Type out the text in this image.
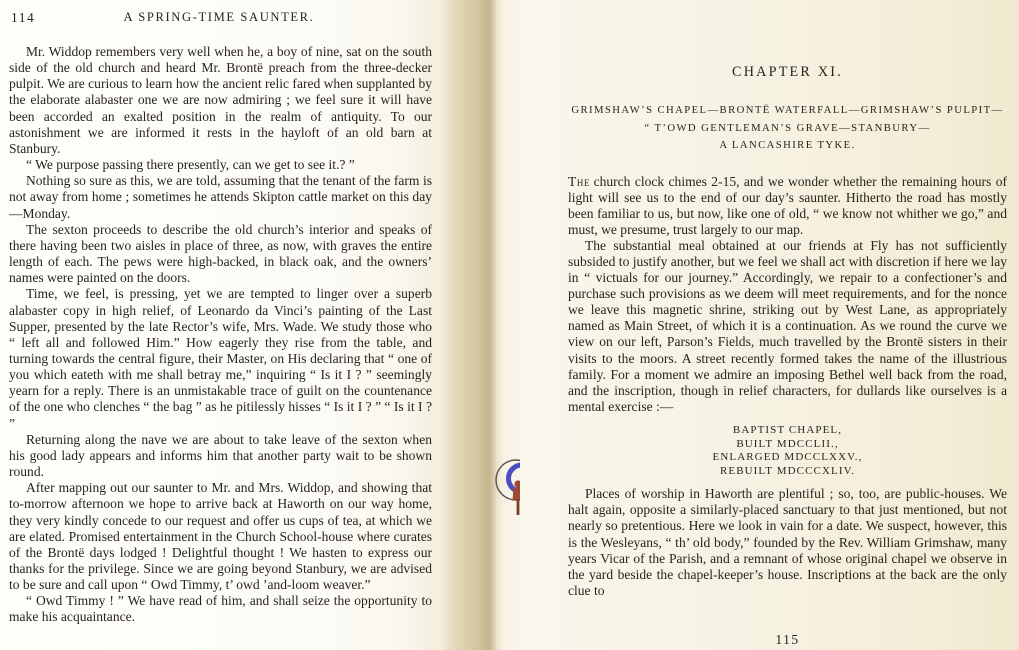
114	A SPRING-TIME SAUNTER.

Mr. Widdop remembers very well when he, a boy of nine, sat on the south side of the old church and heard Mr. Brontë preach from the three-decker pulpit. We are curious to learn how the ancient relic fared when supplanted by the elaborate alabaster one we are now admiring ; we feel sure it will have been accorded an exalted position in the realm of antiquity. To our astonishment we are informed it rests in the hayloft of an old barn at Stanbury.

“ We purpose passing there presently, can we get to see it.? ”

Nothing so sure as this, we are told, assuming that the tenant of the farm is not away from home ; sometimes he attends Skipton cattle market on this day—Monday.

The sexton proceeds to describe the old church’s interior and speaks of there having been two aisles in place of three, as now, with graves the entire length of each. The pews were high-backed, in black oak, and the owners’ names were painted on the doors.

Time, we feel, is pressing, yet we are tempted to linger over a superb alabaster copy in high relief, of Leonardo da Vinci’s painting of the Last Supper, presented by the late Rector’s wife, Mrs. Wade. We study those who “ left all and followed Him.” How eagerly they rise from the table, and turning towards the central figure, their Master, on His declaring that “ one of you which eateth with me shall betray me,” inquiring “ Is it I ? ” seemingly yearn for a reply. There is an unmistakable trace of guilt on the countenance of the one who clenches “ the bag ” as he pitilessly hisses “ Is it I ? ” “ Is it I ? ”

Returning along the nave we are about to take leave of the sexton when his good lady appears and informs him that another party wait to be shown round.

After mapping out our saunter to Mr. and Mrs. Widdop, and showing that to-morrow afternoon we hope to arrive back at Haworth on our way home, they very kindly concede to our request and offer us cups of tea, at which we are elated. Promised entertainment in the Church School-house where curates of the Brontë days lodged ! Delightful thought ! We hasten to express our thanks for the privilege. Since we are going beyond Stanbury, we are advised to be sure and call upon “ Owd Timmy, t’ owd ’and-loom weaver.”

“ Owd Timmy ! ” We have read of him, and shall seize the opportunity to make his acquaintance.

CHAPTER XI.
GRIMSHAW’S CHAPEL—BRONTË WATERFALL—GRIMSHAW’S PULPIT—
“ T’OWD GENTLEMAN’S GRAVE—STANBURY—
A LANCASHIRE TYKE.

The church clock chimes 2-15, and we wonder whether the remaining hours of light will see us to the end of our day’s saunter. Hitherto the road has mostly been familiar to us, but now, like one of old, “ we know not whither we go,” and must, we presume, trust largely to our map.

The substantial meal obtained at our friends at Fly has not sufficiently subsided to justify another, but we feel we shall act with discretion if here we lay in “ victuals for our journey.” Accordingly, we repair to a confectioner’s and purchase such provisions as we deem will meet requirements, and for the nonce we leave this magnetic shrine, striking out by West Lane, as appropriately named as Main Street, of which it is a continuation. As we round the curve we view on our left, Parson’s Fields, much travelled by the Brontë sisters in their visits to the moors. A street recently formed takes the name of the illustrious family. For a moment we admire an imposing Bethel well back from the road, and the inscription, though in relief characters, for dullards like ourselves is a mental exercise :—

BAPTIST CHAPEL,
BUILT MDCCLII.,
ENLARGED MDCCLXXV.,
REBUILT MDCCCXLIV.

Places of worship in Haworth are plentiful ; so, too, are public-houses. We halt again, opposite a similarly-placed sanctuary to that just mentioned, but not nearly so pretentious. Here we look in vain for a date. We suspect, however, this is the Wesleyans, “ th’ old body,” founded by the Rev. William Grimshaw, many years Vicar of the Parish, and a remnant of whose original chapel we observe in the yard beside the chapel-keeper’s house. Inscriptions at the back are the only clue to

115
